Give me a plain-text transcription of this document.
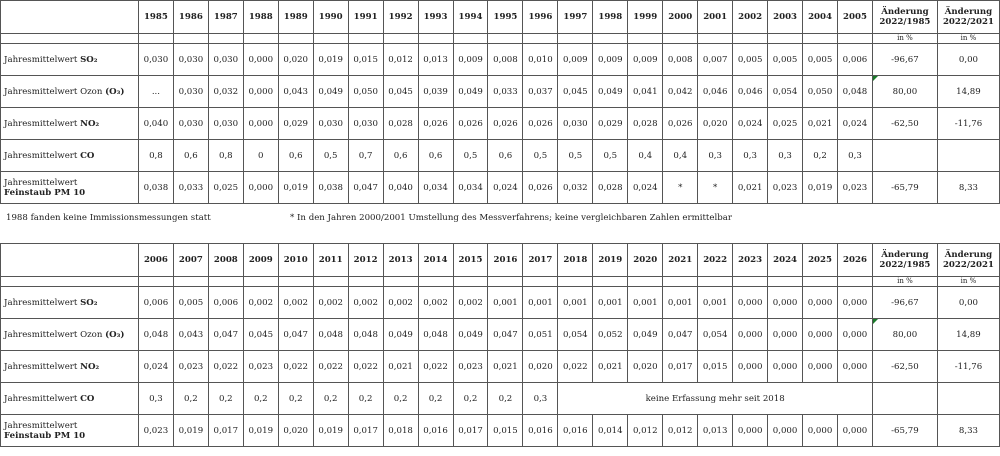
	1985	1986	1987	1988	1989	1990	1991	1992	1993	1994	1995	1996	1997	1998	1999	2000	2001	2002	2003	2004	2005	Änderung 2022/1985	Änderung 2022/2021
																						in %	in %
Jahresmittelwert SO₂	0,030	0,030	0,030	0,000	0,020	0,019	0,015	0,012	0,013	0,009	0,008	0,010	0,009	0,009	0,009	0,008	0,007	0,005	0,005	0,005	0,006	-96,67	0,00
Jahresmittelwert Ozon (O₃)	...	0,030	0,032	0,000	0,043	0,049	0,050	0,045	0,039	0,049	0,033	0,037	0,045	0,049	0,041	0,042	0,046	0,046	0,054	0,050	0,048	80,00	14,89
Jahresmittelwert NO₂	0,040	0,030	0,030	0,000	0,029	0,030	0,030	0,028	0,026	0,026	0,026	0,026	0,030	0,029	0,028	0,026	0,020	0,024	0,025	0,021	0,024	-62,50	-11,76
Jahresmittelwert CO	0,8	0,6	0,8	0	0,6	0,5	0,7	0,6	0,6	0,5	0,6	0,5	0,5	0,5	0,4	0,4	0,3	0,3	0,3	0,2	0,3		
Jahresmittelwert
Feinstaub PM 10	0,038	0,033	0,025	0,000	0,019	0,038	0,047	0,040	0,034	0,034	0,024	0,026	0,032	0,028	0,024	*	*	0,021	0,023	0,019	0,023	-65,79	8,33
1988 fanden keine Immissionsmessungen statt	* In den Jahren 2000/2001 Umstellung des Messverfahrens; keine vergleichbaren Zahlen ermittelbar
	2006	2007	2008	2009	2010	2011	2012	2013	2014	2015	2016	2017	2018	2019	2020	2021	2022	2023	2024	2025	2026	Änderung 2022/1985	Änderung 2022/2021
																						in %	in %
Jahresmittelwert SO₂	0,006	0,005	0,006	0,002	0,002	0,002	0,002	0,002	0,002	0,002	0,001	0,001	0,001	0,001	0,001	0,001	0,001	0,000	0,000	0,000	0,000	-96,67	0,00
Jahresmittelwert Ozon (O₃)	0,048	0,043	0,047	0,045	0,047	0,048	0,048	0,049	0,048	0,049	0,047	0,051	0,054	0,052	0,049	0,047	0,054	0,000	0,000	0,000	0,000	80,00	14,89
Jahresmittelwert NO₂	0,024	0,023	0,022	0,023	0,022	0,022	0,022	0,021	0,022	0,023	0,021	0,020	0,022	0,021	0,020	0,017	0,015	0,000	0,000	0,000	0,000	-62,50	-11,76
Jahresmittelwert CO	0,3	0,2	0,2	0,2	0,2	0,2	0,2	0,2	0,2	0,2	0,2	0,3	keine Erfassung mehr seit 2018										
Jahresmittelwert
Feinstaub PM 10	0,023	0,019	0,017	0,019	0,020	0,019	0,017	0,018	0,016	0,017	0,015	0,016	0,016	0,014	0,012	0,012	0,013	0,000	0,000	0,000	0,000	-65,79	8,33
